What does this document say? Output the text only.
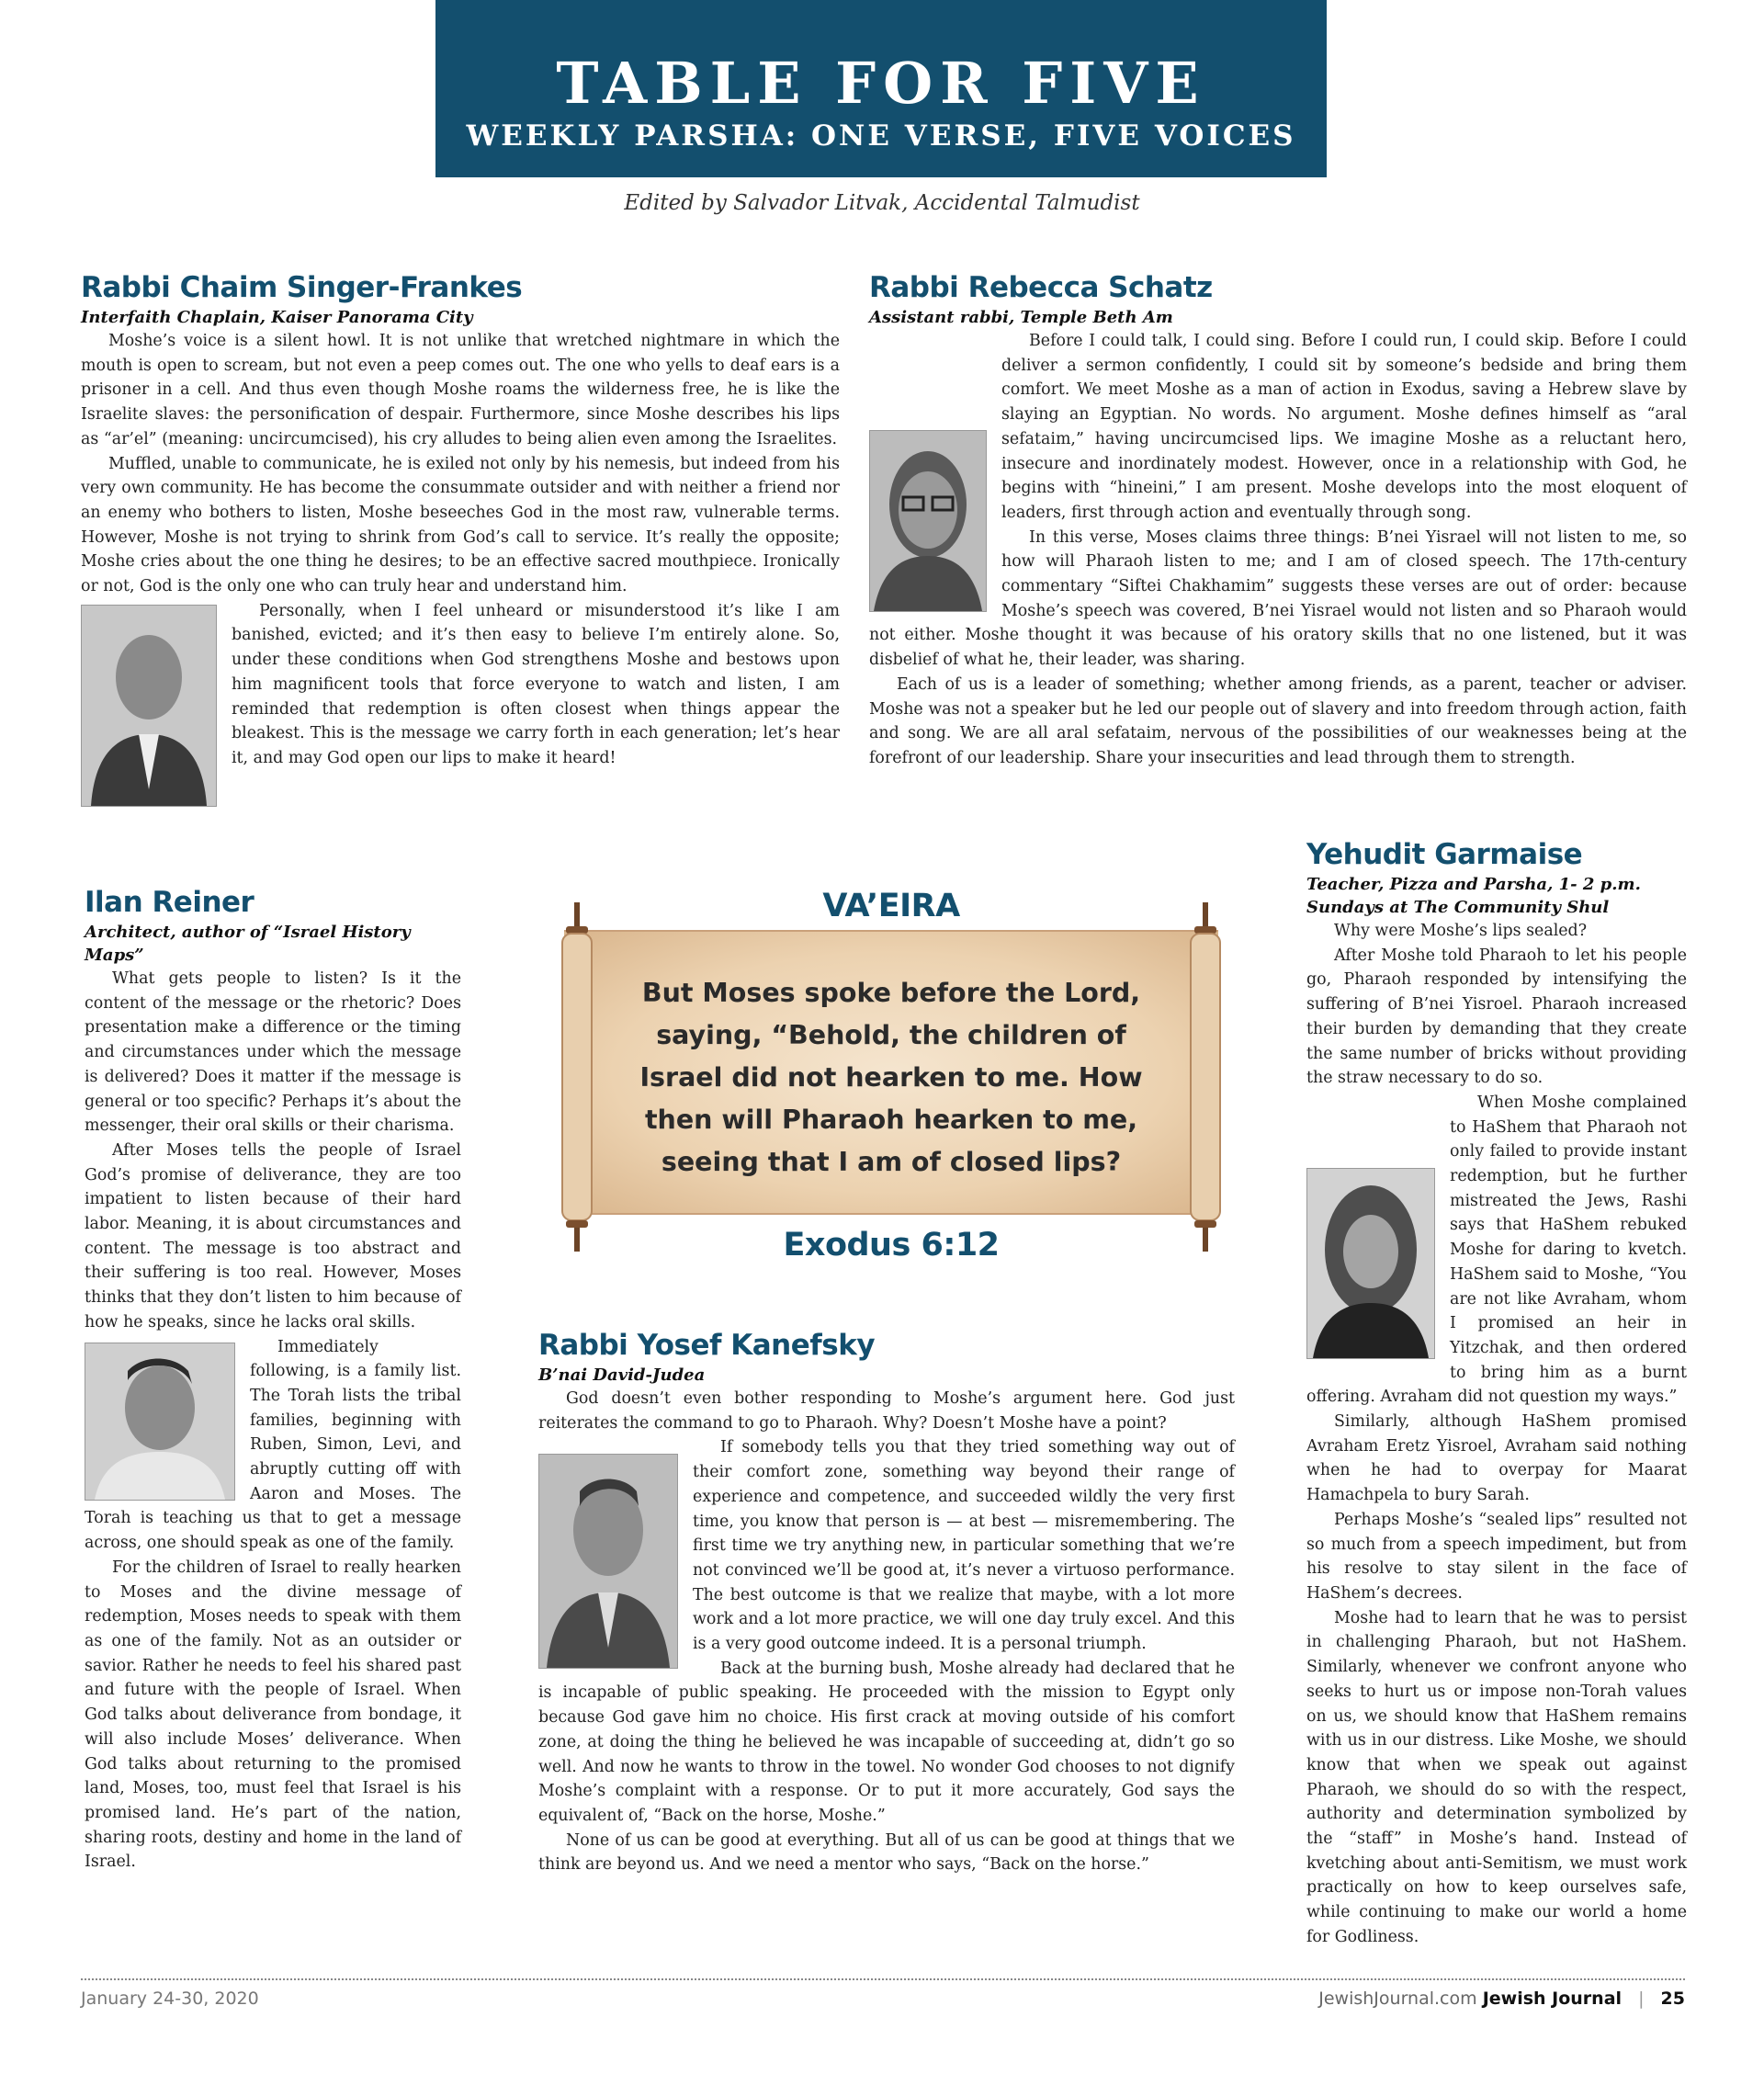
TABLE FOR FIVE
WEEKLY PARSHA: ONE VERSE, FIVE VOICES
Edited by Salvador Litvak, Accidental Talmudist
Rabbi Chaim Singer-Frankes
Interfaith Chaplain, Kaiser Panorama City

Moshe’s voice is a silent howl. It is not unlike that wretched nightmare in which the mouth is open to scream, but not even a peep comes out. The one who yells to deaf ears is a prisoner in a cell. And thus even though Moshe roams the wilderness free, he is like the Israelite slaves: the personification of despair. Furthermore, since Moshe describes his lips as “ar’el” (meaning: uncircumcised), his cry alludes to being alien even among the Israelites.

Muffled, unable to communicate, he is exiled not only by his nemesis, but indeed from his very own community. He has become the consummate outsider and with neither a friend nor an enemy who bothers to listen, Moshe beseeches God in the most raw, vulnerable terms. However, Moshe is not trying to shrink from God’s call to service. It’s really the opposite; Moshe cries about the one thing he desires; to be an effective sacred mouthpiece. Ironically or not, God is the only one who can truly hear and understand him.

Personally, when I feel unheard or misunderstood it’s like I am banished, evicted; and it’s then easy to believe I’m entirely alone. So, under these conditions when God strengthens Moshe and bestows upon him magnificent tools that force everyone to watch and listen, I am reminded that redemption is often closest when things appear the bleakest. This is the message we carry forth in each generation; let’s hear it, and may God open our lips to make it heard!

Rabbi Rebecca Schatz
Assistant rabbi, Temple Beth Am

Before I could talk, I could sing. Before I could run, I could skip. Before I could deliver a sermon confidently, I could sit by someone’s bedside and bring them comfort. We meet Moshe as a man of action in Exodus, saving a Hebrew slave by slaying an Egyptian. No words. No argument. Moshe defines himself as “aral sefataim,” having uncircumcised lips. We imagine Moshe as a reluctant hero, insecure and inordinately modest. However, once in a relationship with God, he begins with “hineini,” I am present. Moshe develops into the most eloquent of leaders, first through action and eventually through song.

In this verse, Moses claims three things: B’nei Yisrael will not listen to me, so how will Pharaoh listen to me; and I am of closed speech. The 17th-century commentary “Siftei Chakhamim” suggests these verses are out of order: because Moshe’s speech was covered, B’nei Yisrael would not listen and so Pharaoh would not either. Moshe thought it was because of his oratory skills that no one listened, but it was disbelief of what he, their leader, was sharing.

Each of us is a leader of something; whether among friends, as a parent, teacher or adviser. Moshe was not a speaker but he led our people out of slavery and into freedom through action, faith and song. We are all aral sefataim, nervous of the possibilities of our weaknesses being at the forefront of our leadership. Share your insecurities and lead through them to strength.

Ilan Reiner
Architect, author of “Israel History Maps”

What gets people to listen? Is it the content of the message or the rhetoric? Does presentation make a difference or the timing and circumstances under which the message is delivered? Does it matter if the message is general or too specific? Perhaps it’s about the messenger, their oral skills or their charisma.

After Moses tells the people of Israel God’s promise of deliverance, they are too impatient to listen because of their hard labor. Meaning, it is about circumstances and content. The message is too abstract and their suffering is too real. However, Moses thinks that they don’t listen to him because of how he speaks, since he lacks oral skills.

Immediately following, is a family list. The Torah lists the tribal families, beginning with Ruben, Simon, Levi, and abruptly cutting off with Aaron and Moses. The Torah is teaching us that to get a message across, one should speak as one of the family.

For the children of Israel to really hearken to Moses and the divine message of redemption, Moses needs to speak with them as one of the family. Not as an outsider or savior. Rather he needs to feel his shared past and future with the people of Israel. When God talks about deliverance from bondage, it will also include Moses’ deliverance. When God talks about returning to the promised land, Moses, too, must feel that Israel is his promised land. He’s part of the nation, sharing roots, destiny and home in the land of Israel.

But Moses spoke before the Lord, saying, “Behold, the children of Israel did not hearken to me. How then will Pharaoh hearken to me, seeing that I am of closed lips?
VA’EIRA
Exodus 6:12
Rabbi Yosef Kanefsky
B’nai David-Judea

God doesn’t even bother responding to Moshe’s argument here. God just reiterates the command to go to Pharaoh. Why? Doesn’t Moshe have a point?

If somebody tells you that they tried something way out of their comfort zone, something way beyond their range of experience and competence, and succeeded wildly the very first time, you know that person is — at best — misremembering. The first time we try anything new, in particular something that we’re not convinced we’ll be good at, it’s never a virtuoso performance. The best outcome is that we realize that maybe, with a lot more work and a lot more practice, we will one day truly excel. And this is a very good outcome indeed. It is a personal triumph.

Back at the burning bush, Moshe already had declared that he is incapable of public speaking. He proceeded with the mission to Egypt only because God gave him no choice. His first crack at moving outside of his comfort zone, at doing the thing he believed he was incapable of succeeding at, didn’t go so well. And now he wants to throw in the towel. No wonder God chooses to not dignify Moshe’s complaint with a response. Or to put it more accurately, God says the equivalent of, “Back on the horse, Moshe.”

None of us can be good at everything. But all of us can be good at things that we think are beyond us. And we need a mentor who says, “Back on the horse.”

Yehudit Garmaise
Teacher, Pizza and Parsha, 1- 2 p.m. Sundays at The Community Shul

Why were Moshe’s lips sealed?

After Moshe told Pharaoh to let his people go, Pharaoh responded by intensifying the suffering of B’nei Yisroel. Pharaoh increased their burden by demanding that they create the same number of bricks without providing the straw necessary to do so.

When Moshe complained to HaShem that Pharaoh not only failed to provide instant redemption, but he further mistreated the Jews, Rashi says that HaShem rebuked Moshe for daring to kvetch. HaShem said to Moshe, “You are not like Avraham, whom I promised an heir in Yitzchak, and then ordered to bring him as a burnt offering. Avraham did not question my ways.”

Similarly, although HaShem promised Avraham Eretz Yisroel, Avraham said nothing when he had to overpay for Maarat Hamachpela to bury Sarah.

Perhaps Moshe’s “sealed lips” resulted not so much from a speech impediment, but from his resolve to stay silent in the face of HaShem’s decrees.

Moshe had to learn that he was to persist in challenging Pharaoh, but not HaShem. Similarly, whenever we confront anyone who seeks to hurt us or impose non-Torah values on us, we should know that HaShem remains with us in our distress. Like Moshe, we should know that when we speak out against Pharaoh, we should do so with the respect, authority and determination symbolized by the “staff” in Moshe’s hand. Instead of kvetching about anti-Semitism, we must work practically on how to keep ourselves safe, while continuing to make our world a home for Godliness.

January 24-30, 2020	JewishJournal.com Jewish Journal | 25
